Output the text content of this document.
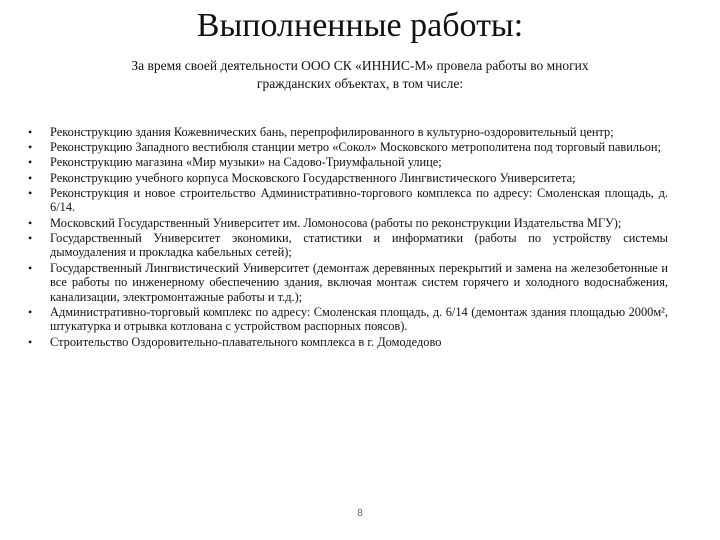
Выполненные работы:

За время своей деятельности ООО СК «ИННИС-М» провела работы во многих гражданских объектах, в том числе:

•	Реконструкцию здания Кожевнических бань, перепрофилированного в культурно-оздоровительный центр;
•	Реконструкцию Западного вестибюля станции метро «Сокол» Московского метрополитена под торговый павильон;
•	Реконструкцию магазина «Мир музыки» на Садово-Триумфальной улице;
•	Реконструкцию учебного корпуса Московского Государственного Лингвистического Университета;
•	Реконструкция и новое строительство Административно-торгового комплекса по адресу: Смоленская площадь, д. 6/14.
•	Московский Государственный Университет им. Ломоносова (работы по реконструкции Издательства МГУ);
•	Государственный Университет экономики, статистики и информатики (работы по устройству системы дымоудаления и прокладка кабельных сетей);
•	Государственный Лингвистический Университет (демонтаж деревянных перекрытий и замена на железобетонные и все работы по инженерному обеспечению здания, включая монтаж систем горячего и холодного водоснабжения, канализации, электромонтажные работы и т.д.);
•	Административно-торговый комплекс по адресу: Смоленская площадь, д. 6/14 (демонтаж здания площадью 2000м², штукатурка и отрывка котлована с устройством распорных поясов).
•	Строительство Оздоровительно-плавательного комплекса в г. Домодедово
8
